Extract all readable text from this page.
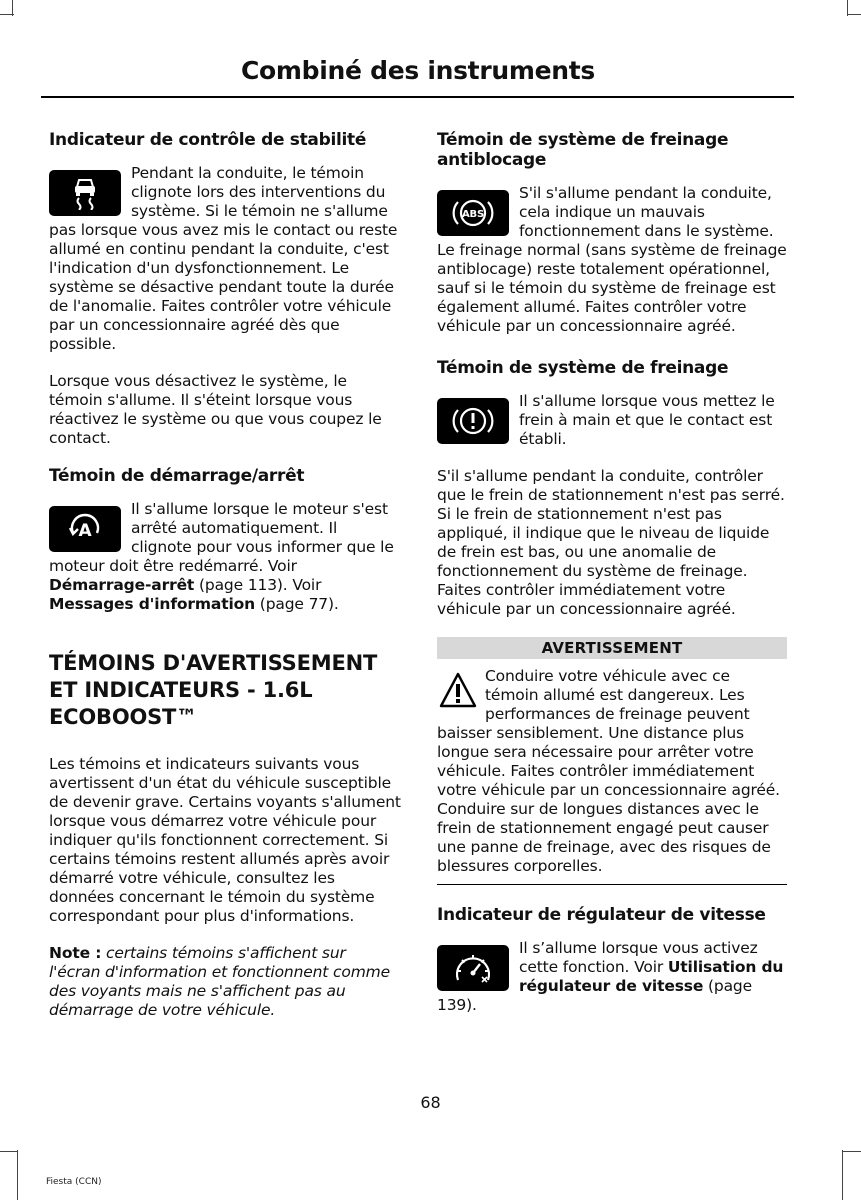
Combiné des instruments
Indicateur de contrôle de stabilité
Pendant la conduite, le témoin clignote lors des interventions du système. Si le témoin ne s'allume pas lorsque vous avez mis le contact ou reste allumé en continu pendant la conduite, c'est l'indication d'un dysfonctionnement. Le système se désactive pendant toute la durée de l'anomalie. Faites contrôler votre véhicule par un concessionnaire agréé dès que possible.
Lorsque vous désactivez le système, le témoin s'allume. Il s'éteint lorsque vous réactivez le système ou que vous coupez le contact.
Témoin de démarrage/arrêt
A
Il s'allume lorsque le moteur s'est arrêté automatiquement. Il clignote pour vous informer que le moteur doit être redémarré. Voir Démarrage-arrêt (page 113). Voir Messages d'information (page 77).
TÉMOINS D'AVERTISSEMENT ET INDICATEURS - 1.6L ECOBOOST™
Les témoins et indicateurs suivants vous avertissent d'un état du véhicule susceptible de devenir grave. Certains voyants s'allument lorsque vous démarrez votre véhicule pour indiquer qu'ils fonctionnent correctement. Si certains témoins restent allumés après avoir démarré votre véhicule, consultez les données concernant le témoin du système correspondant pour plus d'informations.
Note : certains témoins s'affichent sur l'écran d'information et fonctionnent comme des voyants mais ne s'affichent pas au démarrage de votre véhicule.
Témoin de système de freinage antiblocage
ABS
S'il s'allume pendant la conduite, cela indique un mauvais fonctionnement dans le système. Le freinage normal (sans système de freinage antiblocage) reste totalement opérationnel, sauf si le témoin du système de freinage est également allumé. Faites contrôler votre véhicule par un concessionnaire agréé.
Témoin de système de freinage
Il s'allume lorsque vous mettez le frein à main et que le contact est établi.
S'il s'allume pendant la conduite, contrôler que le frein de stationnement n'est pas serré. Si le frein de stationnement n'est pas appliqué, il indique que le niveau de liquide de frein est bas, ou une anomalie de fonctionnement du système de freinage. Faites contrôler immédiatement votre véhicule par un concessionnaire agréé.
AVERTISSEMENT
Conduire votre véhicule avec ce témoin allumé est dangereux. Les performances de freinage peuvent baisser sensiblement. Une distance plus longue sera nécessaire pour arrêter votre véhicule. Faites contrôler immédiatement votre véhicule par un concessionnaire agréé. Conduire sur de longues distances avec le frein de stationnement engagé peut causer une panne de freinage, avec des risques de blessures corporelles.
Indicateur de régulateur de vitesse
Il s’allume lorsque vous activez cette fonction. Voir Utilisation du régulateur de vitesse (page 139).
68
Fiesta (CCN)
